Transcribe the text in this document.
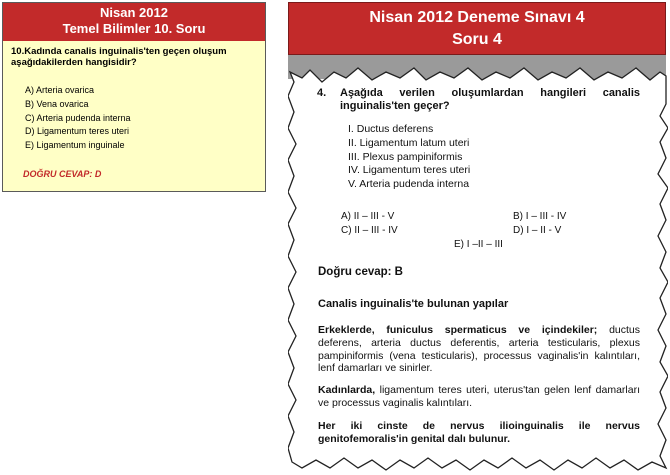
Nisan 2012
Temel Bilimler 10. Soru
10.Kadında canalis inguinalis'ten geçen oluşum aşağıdakilerden hangisidir?
A) Arteria ovarica
B) Vena ovarica
C) Arteria pudenda interna
D) Ligamentum teres uteri
E) Ligamentum inguinale
DOĞRU CEVAP: D
Nisan 2012 Deneme Sınavı 4
Soru 4
4. Aşağıda verilen oluşumlardan hangileri canalis inguinalis'ten geçer?
I. Ductus deferens
II. Ligamentum latum uteri
III. Plexus pampiniformis
IV. Ligamentum teres uteri
V. Arteria pudenda interna
A) II – III - V	B) I – III - IV
C) II – III - IV	D) I – II - V
E) I –II – III
Doğru cevap: B
Canalis inguinalis'te bulunan yapılar
Erkeklerde, funiculus spermaticus ve içindekiler; ductus deferens, arteria ductus deferentis, arteria testicularis, plexus pampiniformis (vena testicularis), processus vaginalis'in kalıntıları, lenf damarları ve sinirler.
Kadınlarda, ligamentum teres uteri, uterus'tan gelen lenf damarları ve processus vaginalis kalıntıları.
Her iki cinste de nervus ilioinguinalis ile nervus genitofemoralis'in genital dalı bulunur.
